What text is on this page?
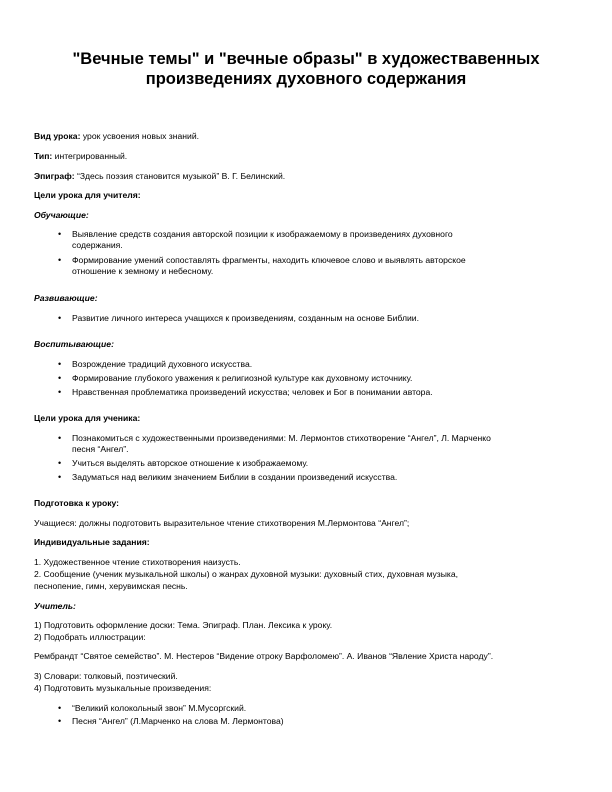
"Вечные темы" и "вечные образы" в художествавенных
произведениях духовного содержания
Вид урока: урок усвоения новых знаний.
Тип: интегрированный.
Эпиграф: “Здесь поэзия становится музыкой” В. Г. Белинский.
Цели урока для учителя:
Обучающие:
• Выявление средств создания авторской позиции к изображаемому в произведениях духовного
содержания.
• Формирование умений сопоставлять фрагменты, находить ключевое слово и выявлять авторское
отношение к земному и небесному.
Развивающие:
• Развитие личного интереса учащихся к произведениям, созданным на основе Библии.
Воспитывающие:
• Возрождение традиций духовного искусства.
• Формирование глубокого уважения к религиозной культуре как духовному источнику.
• Нравственная проблематика произведений искусства; человек и Бог в понимании автора.
Цели урока для ученика:
• Познакомиться с художественными произведениями: М. Лермонтов стихотворение “Ангел”, Л. Марченко
песня “Ангел”.
• Учиться выделять авторское отношение к изображаемому.
• Задуматься над великим значением Библии в создании произведений искусства.
Подготовка к уроку:
Учащиеся: должны подготовить выразительное чтение стихотворения М.Лермонтова “Ангел”;
Индивидуальные задания:
1. Художественное чтение стихотворения наизусть.
2. Сообщение (ученик музыкальной школы) о жанрах духовной музыки: духовный стих, духовная музыка,
песнопение, гимн, херувимская песнь.
Учитель:
1) Подготовить оформление доски: Тема. Эпиграф. План. Лексика к уроку.
2) Подобрать иллюстрации:
Рембрандт “Святое семейство”. М. Нестеров “Видение отроку Варфоломею”. А. Иванов “Явление Христа народу”.
3) Словари: толковый, поэтический.
4) Подготовить музыкальные произведения:
• “Великий колокольный звон” М.Мусоргский.
• Песня “Ангел” (Л.Марченко на слова М. Лермонтова)
